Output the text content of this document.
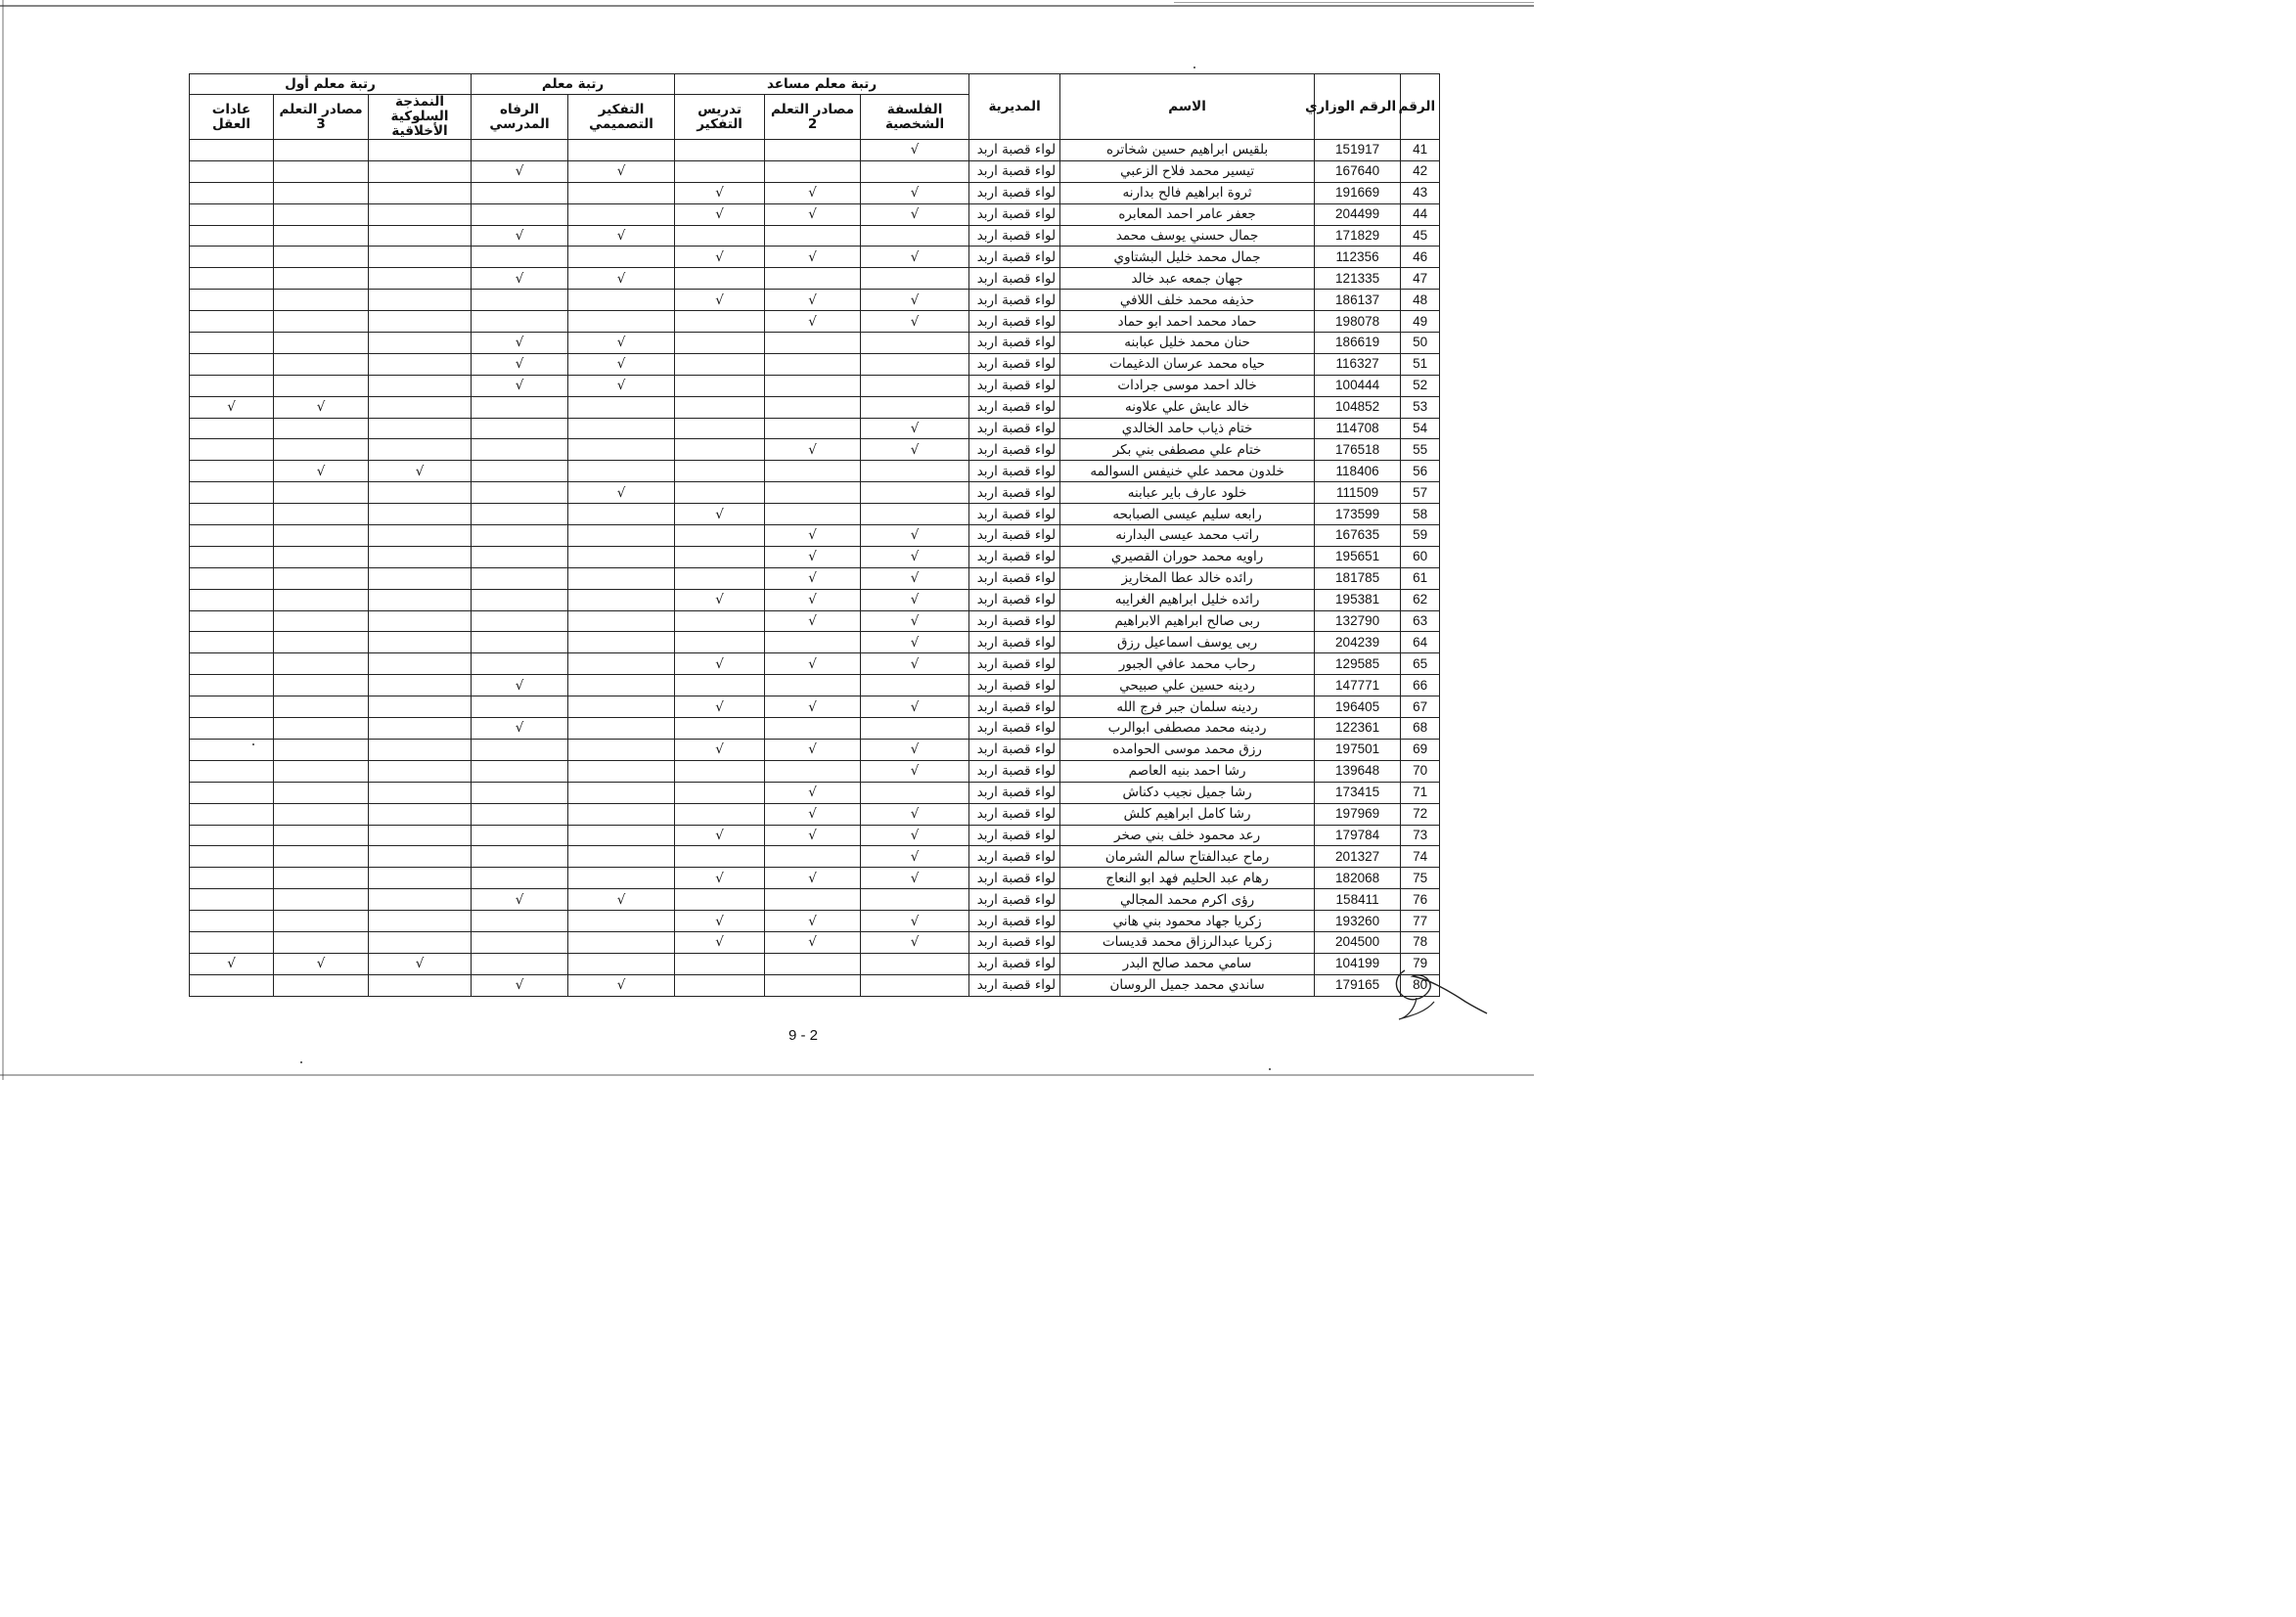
الرقم	الرقم الوزاري	الاسم	المديرية	رتبة معلم مساعد			رتبة معلم		رتبة معلم أول		
				الفلسفة الشخصية	مصادر التعلم 2	تدريس التفكير	التفكير التصميمي	الرفاه المدرسي	النمذجة السلوكية الأخلاقية	مصادر التعلم 3	عادات العقل
41	151917	بلقيس ابراهيم حسين شخاتره	لواء قصبة اربد	√							
42	167640	تيسير محمد فلاح الزعبي	لواء قصبة اربد				√	√			
43	191669	ثروة ابراهيم فالح بدارنه	لواء قصبة اربد	√	√	√					
44	204499	جعفر عامر احمد المعابره	لواء قصبة اربد	√	√	√					
45	171829	جمال حسني يوسف محمد	لواء قصبة اربد				√	√			
46	112356	جمال محمد خليل البشتاوي	لواء قصبة اربد	√	√	√					
47	121335	جهان جمعه عبد خالد	لواء قصبة اربد				√	√			
48	186137	حذيفه محمد خلف اللافي	لواء قصبة اربد	√	√	√					
49	198078	حماد محمد احمد ابو حماد	لواء قصبة اربد	√	√						
50	186619	حنان محمد خليل عبابنه	لواء قصبة اربد				√	√			
51	116327	حياه محمد عرسان الدغيمات	لواء قصبة اربد				√	√			
52	100444	خالد احمد موسى جرادات	لواء قصبة اربد				√	√			
53	104852	خالد عايش علي علاونه	لواء قصبة اربد							√	√
54	114708	ختام ذياب حامد الخالدي	لواء قصبة اربد	√							
55	176518	ختام علي مصطفى بني بكر	لواء قصبة اربد	√	√						
56	118406	خلدون محمد علي خنيفس السوالمه	لواء قصبة اربد						√	√	
57	111509	خلود عارف باير عبابنه	لواء قصبة اربد				√				
58	173599	رابعه سليم عيسى الصبابحه	لواء قصبة اربد			√					
59	167635	راتب محمد عيسى البدارنه	لواء قصبة اربد	√	√						
60	195651	راويه محمد حوران القصيري	لواء قصبة اربد	√	√						
61	181785	رائده خالد عطا المخاريز	لواء قصبة اربد	√	√						
62	195381	رائده خليل ابراهيم الغرايبه	لواء قصبة اربد	√	√	√					
63	132790	ربى صالح ابراهيم الابراهيم	لواء قصبة اربد	√	√						
64	204239	ربى يوسف اسماعيل رزق	لواء قصبة اربد	√							
65	129585	رحاب محمد عافي الجبور	لواء قصبة اربد	√	√	√					
66	147771	ردينه حسين علي صبيحي	لواء قصبة اربد					√			
67	196405	ردينه سلمان جبر فرج الله	لواء قصبة اربد	√	√	√					
68	122361	ردينه محمد مصطفى ابوالرب	لواء قصبة اربد					√			
69	197501	رزق محمد موسى الحوامده	لواء قصبة اربد	√	√	√					
70	139648	رشا احمد بنيه العاصم	لواء قصبة اربد	√							
71	173415	رشا جميل نجيب دكناش	لواء قصبة اربد		√						
72	197969	رشا كامل ابراهيم كلش	لواء قصبة اربد	√	√						
73	179784	رعد محمود خلف بني صخر	لواء قصبة اربد	√	√	√					
74	201327	رماح عبدالفتاح سالم الشرمان	لواء قصبة اربد	√							
75	182068	رهام عبد الحليم فهد ابو النعاج	لواء قصبة اربد	√	√	√					
76	158411	رؤى اكرم محمد المجالي	لواء قصبة اربد				√	√			
77	193260	زكريا جهاد محمود بني هاني	لواء قصبة اربد	√	√	√					
78	204500	زكريا عبدالرزاق محمد قديسات	لواء قصبة اربد	√	√	√					
79	104199	سامي محمد صالح البدر	لواء قصبة اربد						√	√	√
80	179165	ساندي محمد جميل الروسان	لواء قصبة اربد				√	√			
9 - 2
